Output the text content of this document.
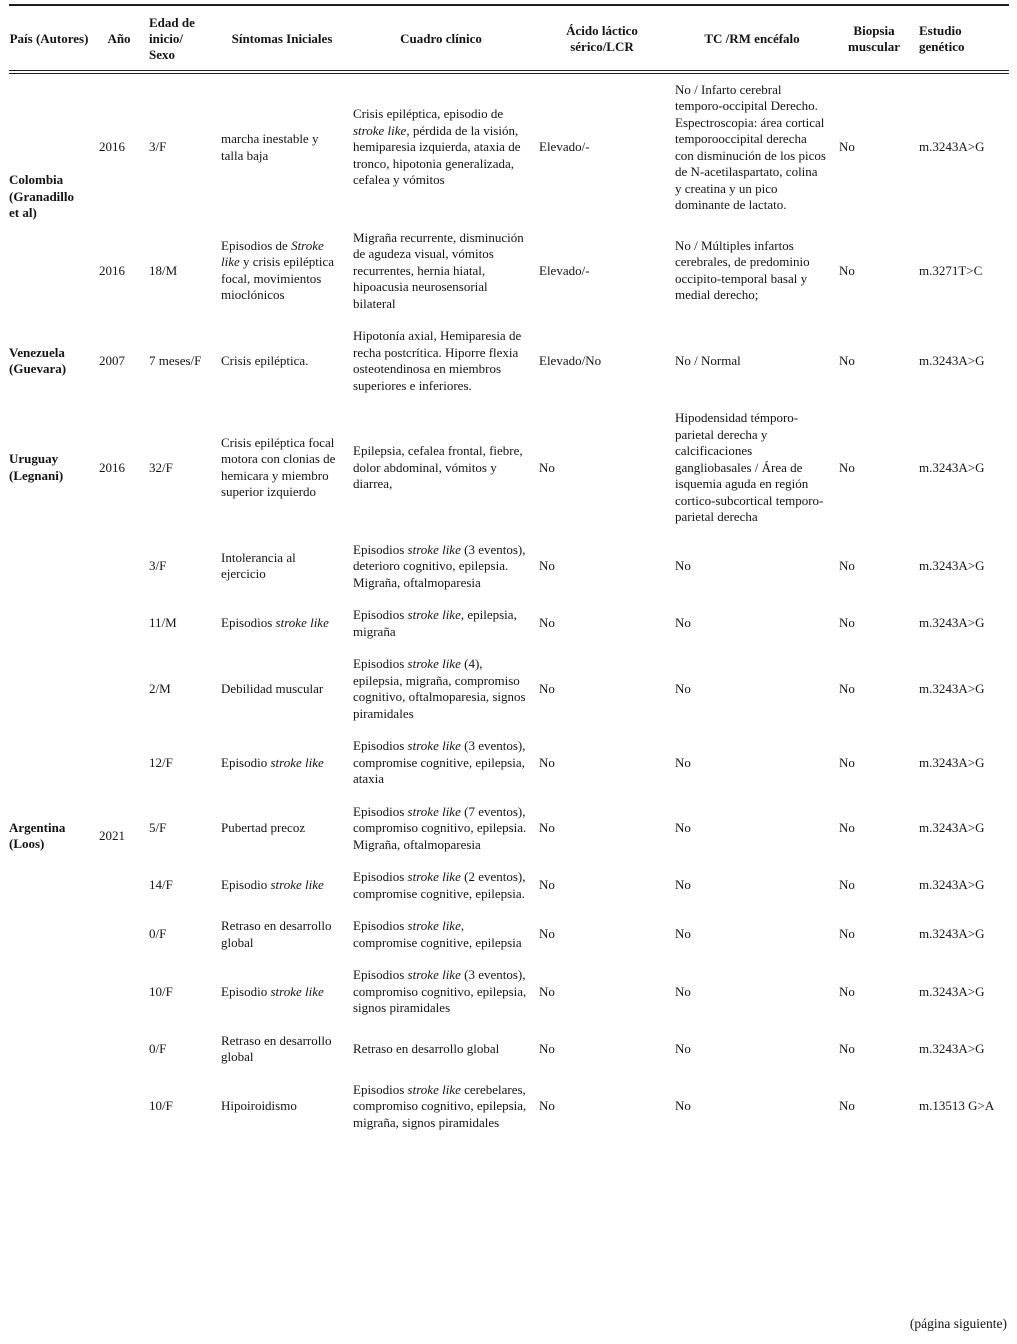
País (Autores)	Año	Edad de inicio/ Sexo	Síntomas Iniciales	Cuadro clínico	Ácido láctico sérico/LCR	TC /RM encéfalo	Biopsia muscular	Estudio genético
Colombia (Granadillo et al)	2016	3/F	marcha inestable y talla baja	Crisis epiléptica, episodio de stroke like, pérdida de la visión, hemiparesia izquierda, ataxia de tronco, hipotonia generalizada, cefalea y vómitos	Elevado/-	No / Infarto cerebral temporo-occipital Derecho. Espectroscopia: área cortical temporooccipital derecha con disminución de los picos de N-acetilaspartato, colina y creatina y un pico dominante de lactato.	No	m.3243A>G
	2016	18/M	Episodios de Stroke like y crisis epiléptica focal, movimientos mioclónicos	Migraña recurrente, disminución de agudeza visual, vómitos recurrentes, hernia hiatal, hipoacusia neurosensorial bilateral	Elevado/-	No / Múltiples infartos cerebrales, de predominio occipito-temporal basal y medial derecho;	No	m.3271T>C
Venezuela (Guevara)	2007	7 meses/F	Crisis epiléptica.	Hipotonía axial, Hemiparesia de recha postcrítica. Hiporre flexia osteotendinosa en miembros superiores e inferiores.	Elevado/No	No / Normal	No	m.3243A>G
Uruguay (Legnani)	2016	32/F	Crisis epiléptica focal motora con clonias de hemicara y miembro superior izquierdo	Epilepsia, cefalea frontal, fiebre, dolor abdominal, vómitos y diarrea,	No	Hipodensidad témporo-parietal derecha y calcificaciones gangliobasales / Área de isquemia aguda en región cortico-subcortical temporo-parietal derecha	No	m.3243A>G
Argentina (Loos)	2021	3/F	Intolerancia al ejercicio	Episodios stroke like (3 eventos), deterioro cognitivo, epilepsia. Migraña, oftalmoparesia	No	No	No	m.3243A>G
		11/M	Episodios stroke like	Episodios stroke like, epilepsia, migraña	No	No	No	m.3243A>G
		2/M	Debilidad muscular	Episodios stroke like (4), epilepsia, migraña, compromiso cognitivo, oftalmoparesia, signos piramidales	No	No	No	m.3243A>G
		12/F	Episodio stroke like	Episodios stroke like (3 eventos), compromise cognitive, epilepsia, ataxia	No	No	No	m.3243A>G
		5/F	Pubertad precoz	Episodios stroke like (7 eventos), compromiso cognitivo, epilepsia. Migraña, oftalmoparesia	No	No	No	m.3243A>G
		14/F	Episodio stroke like	Episodios stroke like (2 eventos), compromise cognitive, epilepsia.	No	No	No	m.3243A>G
		0/F	Retraso en desarrollo global	Episodios stroke like, compromise cognitive, epilepsia	No	No	No	m.3243A>G
		10/F	Episodio stroke like	Episodios stroke like (3 eventos), compromiso cognitivo, epilepsia, signos piramidales	No	No	No	m.3243A>G
		0/F	Retraso en desarrollo global	Retraso en desarrollo global	No	No	No	m.3243A>G
		10/F	Hipoiroidismo	Episodios stroke like cerebelares, compromiso cognitivo, epilepsia, migraña, signos piramidales	No	No	No	m.13513 G>A
(página siguiente)
